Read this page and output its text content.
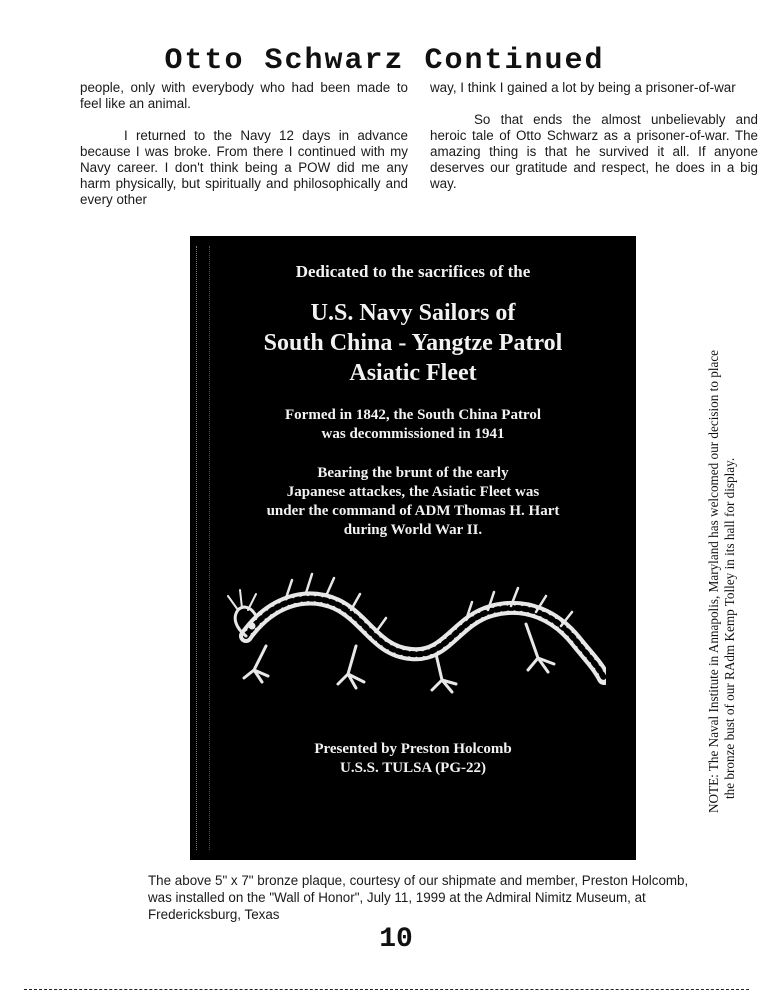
Otto Schwarz Continued

people, only with everybody who had been made to feel like an animal.

I returned to the Navy 12 days in advance because I was broke. From there I continued with my Navy career. I don't think being a POW did me any harm physically, but spiritually and philosophically and every other

way, I think I gained a lot by being a prisoner-of-war

So that ends the almost unbelievably and heroic tale of Otto Schwarz as a prisoner-of-war. The amazing thing is that he survived it all. If anyone deserves our gratitude and respect, he does in a big way.

Dedicated to the sacrifices of the
U.S. Navy Sailors of
South China - Yangtze Patrol
Asiatic Fleet
Formed in 1842, the South China Patrol
was decommissioned in 1941
Bearing the brunt of the early
Japanese attackes, the Asiatic Fleet was
under the command of ADM Thomas H. Hart
during World War II.
Presented by Preston Holcomb
U.S.S. TULSA (PG-22)	NOTE: The Naval Institute in Annapolis, Maryland has welcomed our decision to place the bronze bust of our RAdm Kemp Tolley in its hall for display.
The above 5" x 7" bronze plaque, courtesy of our shipmate and member, Preston Holcomb, was installed on the "Wall of Honor", July 11, 1999 at the Admiral Nimitz Museum, at Fredericksburg, Texas
10
